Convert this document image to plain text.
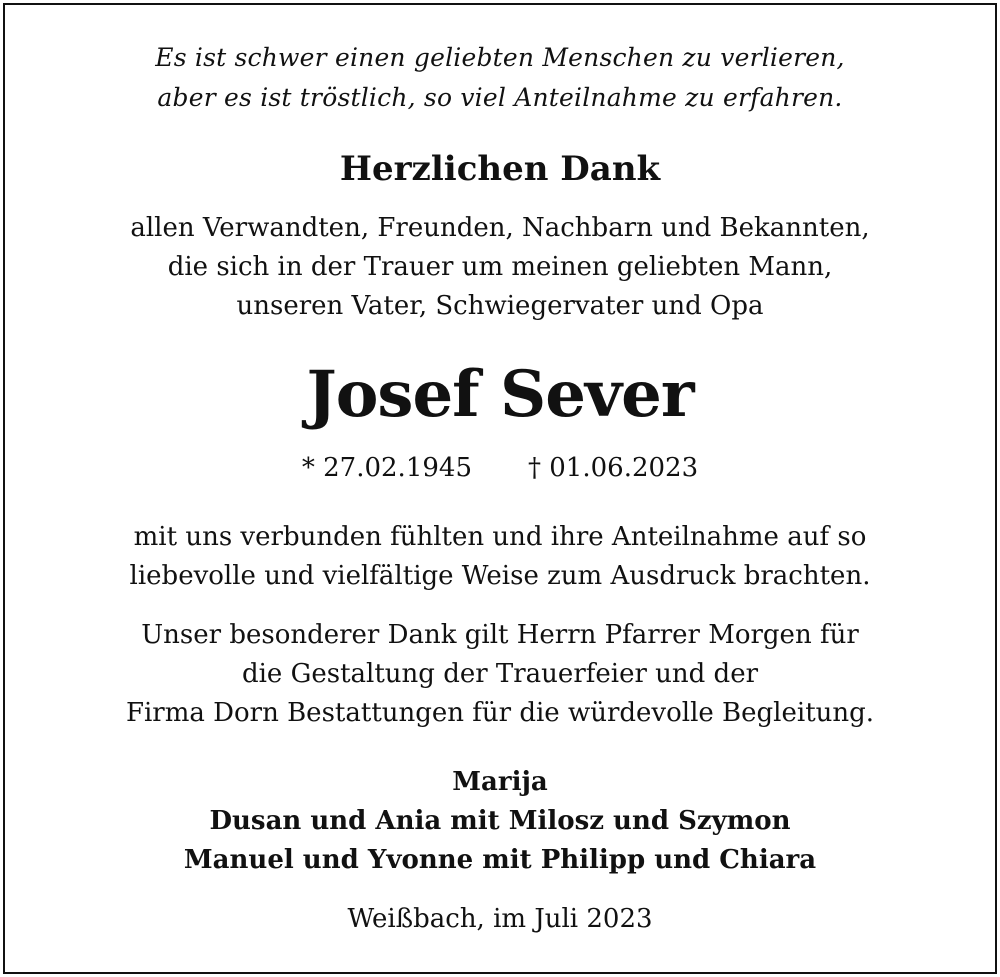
Es ist schwer einen geliebten Menschen zu verlieren,
aber es ist tröstlich, so viel Anteilnahme zu erfahren.
Herzlichen Dank
allen Verwandten, Freunden, Nachbarn und Bekannten,
die sich in der Trauer um meinen geliebten Mann,
unseren Vater, Schwiegervater und Opa
Josef Sever
* 27.02.1945 † 01.06.2023
mit uns verbunden fühlten und ihre Anteilnahme auf so
liebevolle und vielfältige Weise zum Ausdruck brachten.
Unser besonderer Dank gilt Herrn Pfarrer Morgen für
die Gestaltung der Trauerfeier und der
Firma Dorn Bestattungen für die würdevolle Begleitung.
Marija
Dusan und Ania mit Milosz und Szymon
Manuel und Yvonne mit Philipp und Chiara
Weißbach, im Juli 2023
